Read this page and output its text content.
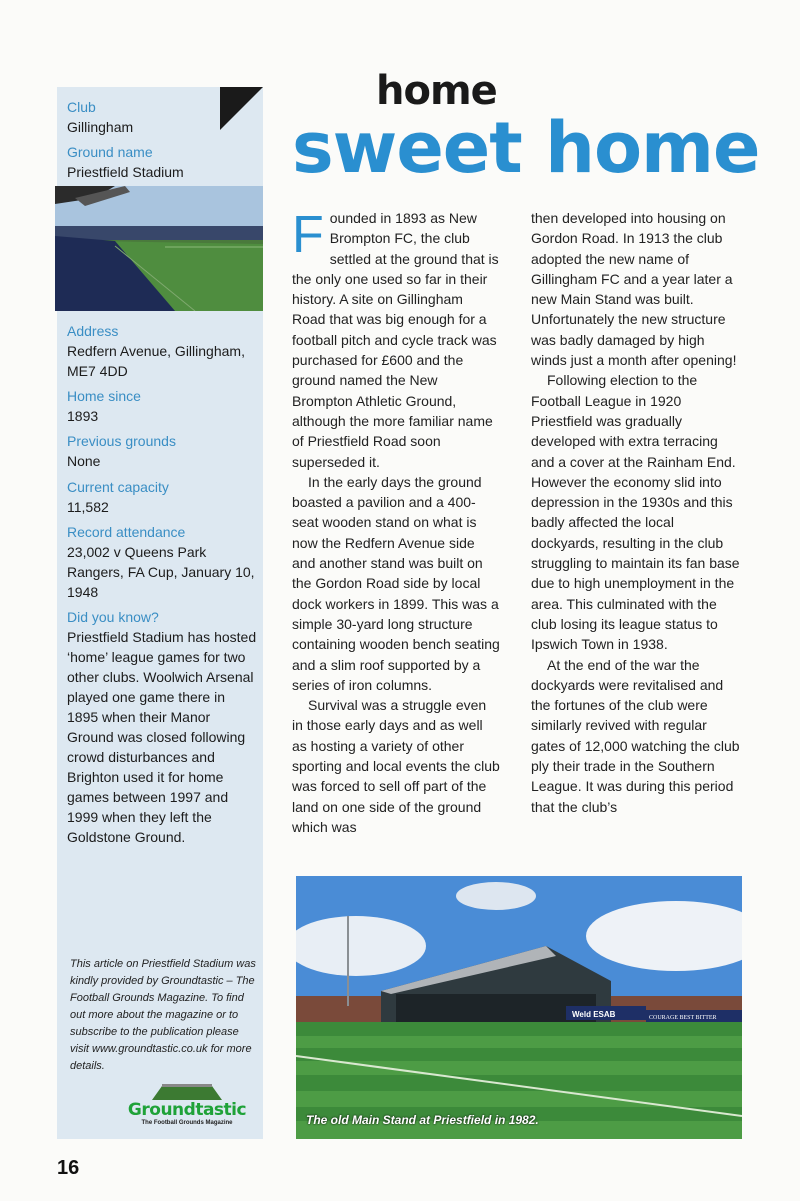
Club
Gillingham
Ground name
Priestfield Stadium
Address
Redfern Avenue, Gillingham, ME7 4DD
Home since
1893
Previous grounds
None
Current capacity
11,582
Record attendance
23,002 v Queens Park Rangers, FA Cup, January 10, 1948
Did you know?
Priestfield Stadium has hosted ‘home’ league games for two other clubs. Woolwich Arsenal played one game there in 1895 when their Manor Ground was closed following crowd disturbances and Brighton used it for home games between 1997 and 1999 when they left the Goldstone Ground.
This article on Priestfield Stadium was kindly provided by Groundtastic – The Football Grounds Magazine. To find out more about the magazine or to subscribe to the publication please visit www.groundtastic.co.uk for more details.
Groundtastic
The Football Grounds Magazine
16
home
sweet home

Founded in 1893 as New Brompton FC, the club settled at the ground that is the only one used so far in their history. A site on Gillingham Road that was big enough for a football pitch and cycle track was purchased for £600 and the ground named the New Brompton Athletic Ground, although the more familiar name of Priestfield Road soon superseded it.

In the early days the ground boasted a pavilion and a 400-seat wooden stand on what is now the Redfern Avenue side and another stand was built on the Gordon Road side by local dock workers in 1899. This was a simple 30-yard long structure containing wooden bench seating and a slim roof supported by a series of iron columns.

Survival was a struggle even in those early days and as well as hosting a variety of other sporting and local events the club was forced to sell off part of the land on one side of the ground which was

then developed into housing on Gordon Road. In 1913 the club adopted the new name of Gillingham FC and a year later a new Main Stand was built. Unfortunately the new structure was badly damaged by high winds just a month after opening!

Following election to the Football League in 1920 Priestfield was gradually developed with extra terracing and a cover at the Rainham End. However the economy slid into depression in the 1930s and this badly affected the local dockyards, resulting in the club struggling to maintain its fan base due to high unemployment in the area. This culminated with the club losing its league status to Ipswich Town in 1938.

At the end of the war the dockyards were revitalised and the fortunes of the club were similarly revived with regular gates of 12,000 watching the club ply their trade in the Southern League. It was during this period that the club’s

Weld ESAB	COURAGE BEST BITTER
The old Main Stand at Priestfield in 1982.
